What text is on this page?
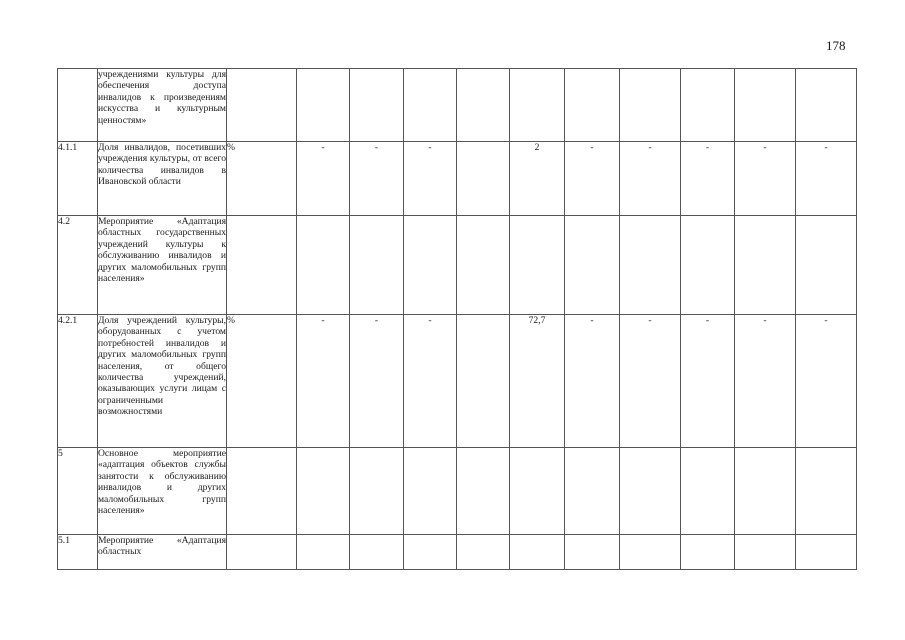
178
	учреждениями культуры для обеспечения доступа инвалидов к произведениям искусства и культурным ценностям»											
4.1.1	Доля инвалидов, посетивших учреждения культуры, от всего количества инвалидов в Ивановской области	%	-	-	-		2	-	-	-	-	-
4.2	Мероприятие «Адаптация областных государственных учреждений культуры к обслуживанию инвалидов и других маломобильных групп населения»											
4.2.1	Доля учреждений культуры, оборудованных с учетом потребностей инвалидов и других маломобильных групп населения, от общего количества учреждений, оказывающих услуги лицам с ограниченными возможностями	%	-	-	-		72,7	-	-	-	-	-
5	Основное мероприятие «адаптация объектов службы занятости к обслуживанию инвалидов и других маломобильных групп населения»											
5.1	Мероприятие «Адаптация областных											
